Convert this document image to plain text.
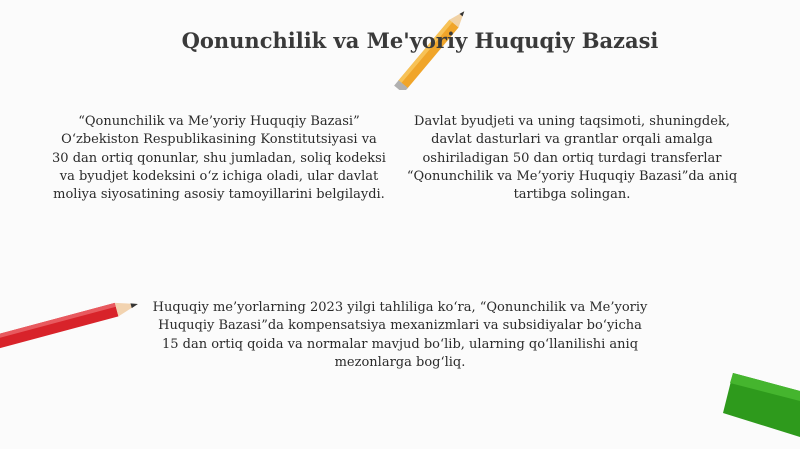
Qonunchilik va Me'yoriy Huquqiy Bazasi

“Qonunchilik va Me’yoriy Huquqiy Bazasi” O‘zbekiston Respublikasining Konstitutsiyasi va 30 dan ortiq qonunlar, shu jumladan, soliq kodeksi va byudjet kodeksini o‘z ichiga oladi, ular davlat moliya siyosatining asosiy tamoyillarini belgilaydi.

Davlat byudjeti va uning taqsimoti, shuningdek, davlat dasturlari va grantlar orqali amalga oshiriladigan 50 dan ortiq turdagi transferlar “Qonunchilik va Me’yoriy Huquqiy Bazasi”da aniq tartibga solingan.

Huquqiy me’yorlarning 2023 yilgi tahliliga ko‘ra, “Qonunchilik va Me’yoriy Huquqiy Bazasi”da kompensatsiya mexanizmlari va subsidiyalar bo‘yicha 15 dan ortiq qoida va normalar mavjud bo‘lib, ularning qo‘llanilishi aniq mezonlarga bog‘liq.
